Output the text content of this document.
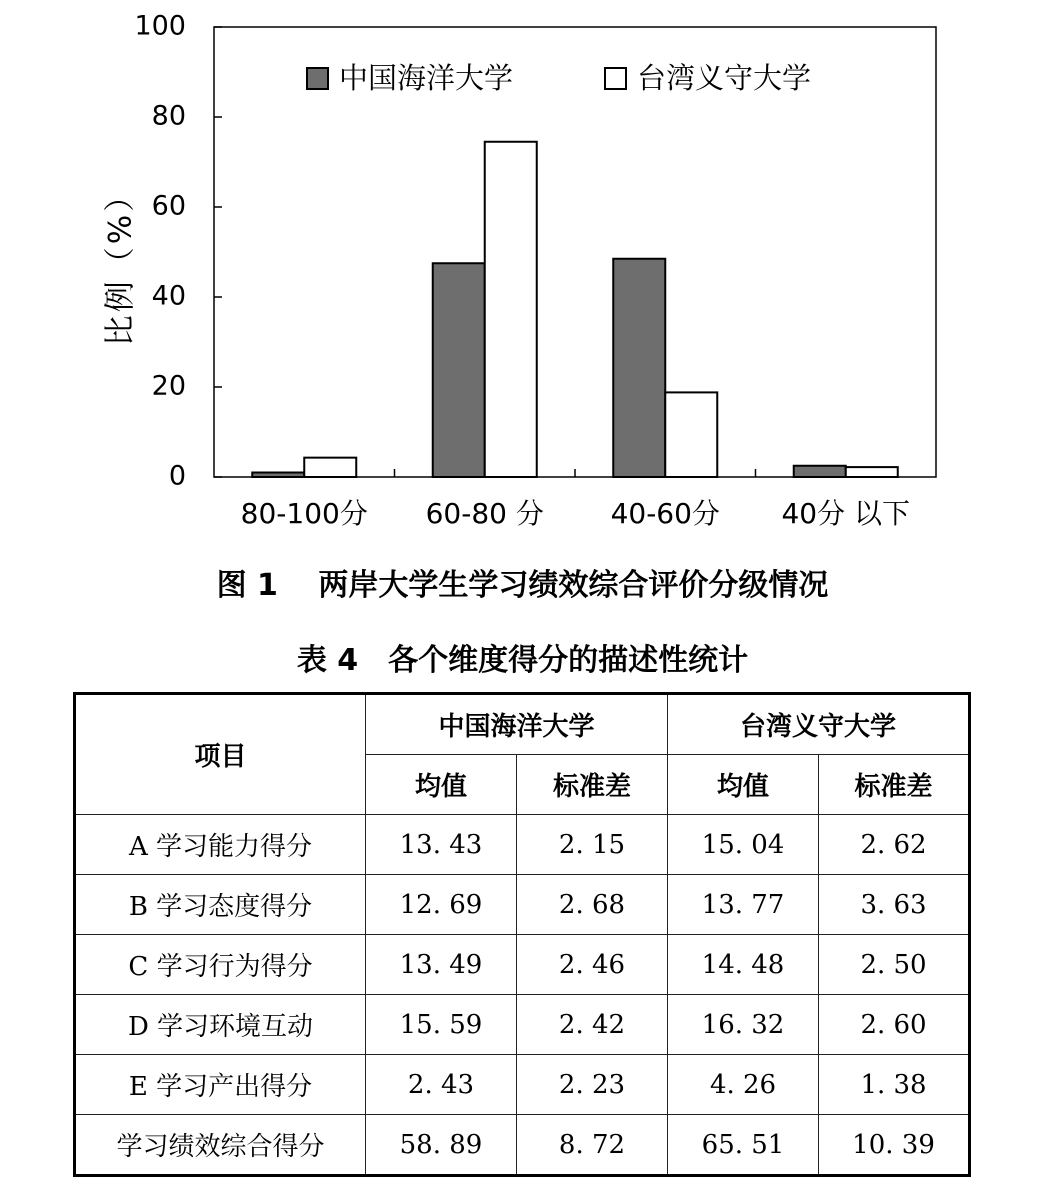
0
20
40
60
80
100
80-100分 60-80 分 40-60分 40分 以下
中国海洋大学	台湾义守大学
比例（%）
图 1　 两岸大学生学习绩效综合评价分级情况
表 4　各个维度得分的描述性统计
项目	中国海洋大学		台湾义守大学	
	均值	标准差	均值	标准差
A 学习能力得分	13. 43	2. 15	15. 04	2. 62
B 学习态度得分	12. 69	2. 68	13. 77	3. 63
C 学习行为得分	13. 49	2. 46	14. 48	2. 50
D 学习环境互动	15. 59	2. 42	16. 32	2. 60
E 学习产出得分	2. 43	2. 23	4. 26	1. 38
学习绩效综合得分	58. 89	8. 72	65. 51	10. 39
